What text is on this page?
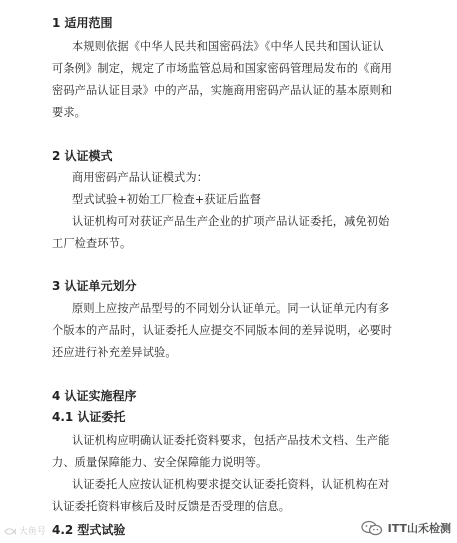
1 适用范围
本规则依据《中华人民共和国密码法》《中华人民共和国认证认
可条例》制定，规定了市场监管总局和国家密码管理局发布的《商用
密码产品认证目录》中的产品，实施商用密码产品认证的基本原则和
要求。
2 认证模式
商用密码产品认证模式为：
型式试验+初始工厂检查+获证后监督
认证机构可对获证产品生产企业的扩项产品认证委托，减免初始
工厂检查环节。
3 认证单元划分
原则上应按产品型号的不同划分认证单元。同一认证单元内有多
个版本的产品时，认证委托人应提交不同版本间的差异说明，必要时
还应进行补充差异试验。
4 认证实施程序
4.1 认证委托
认证机构应明确认证委托资料要求，包括产品技术文档、生产能
力、质量保障能力、安全保障能力说明等。
认证委托人应按认证机构要求提交认证委托资料，认证机构在对
认证委托资料审核后及时反馈是否受理的信息。
4.2 型式试验
大鱼号	ITT山禾检测
